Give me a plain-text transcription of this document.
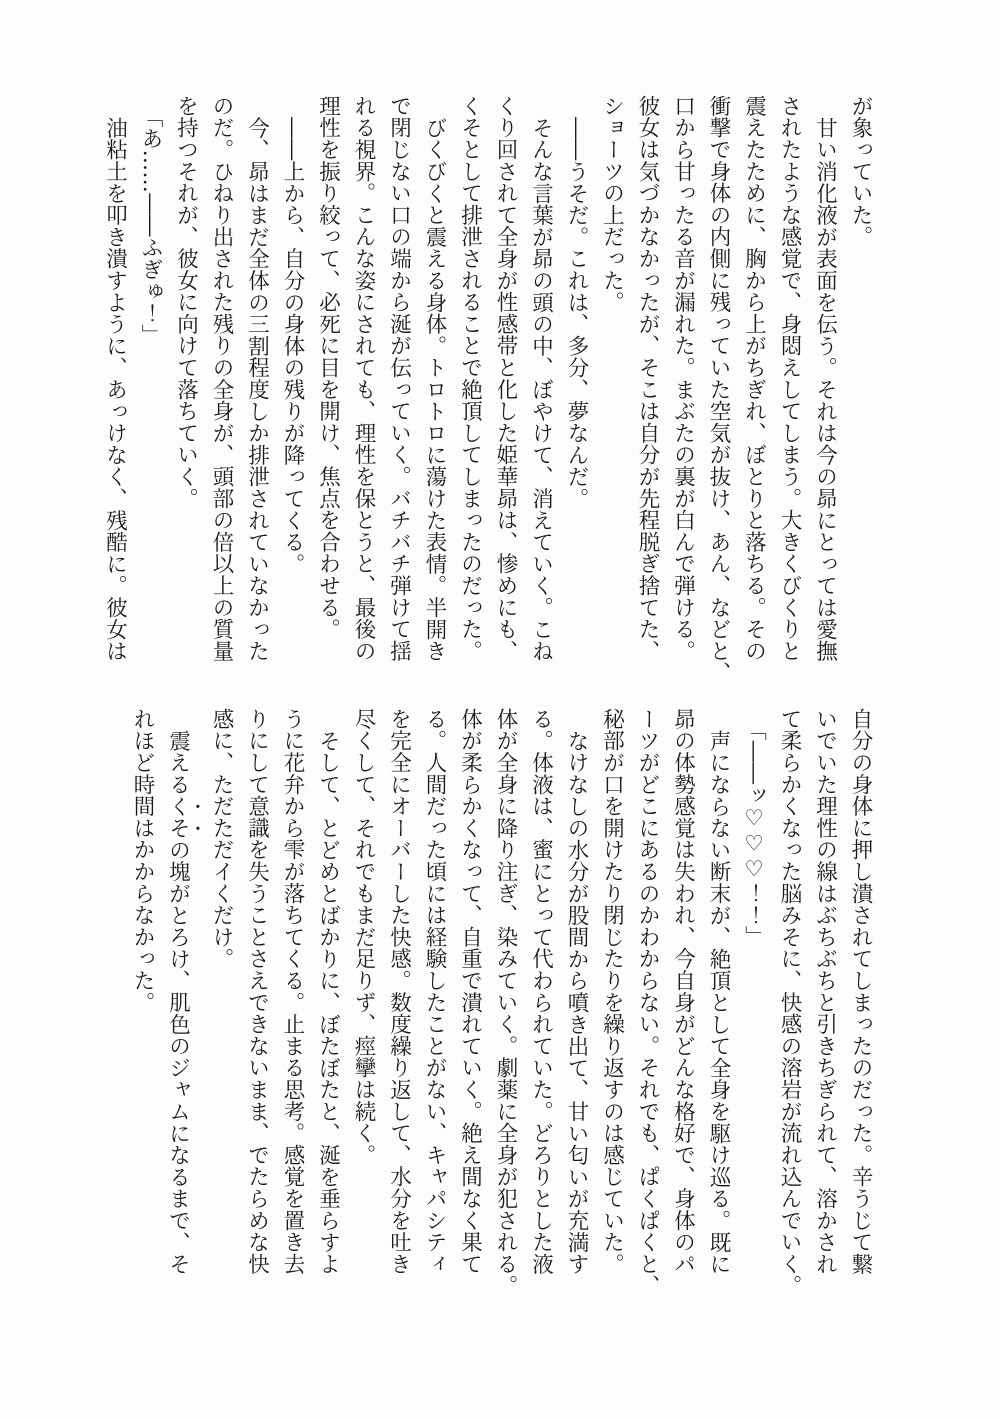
が象っていた。
甘い消化液が表面を伝う。それは今の昴にとっては愛撫
されたような感覚で、身悶えしてしまう。大きくびくりと
震えたために、胸から上がちぎれ、ぼとりと落ちる。その
衝撃で身体の内側に残っていた空気が抜け、あん、などと、
口から甘ったる音が漏れた。まぶたの裏が白んで弾ける。
彼女は気づかなかったが、そこは自分が先程脱ぎ捨てた、
ショーツの上だった。
――うそだ。これは、多分、夢なんだ。
そんな言葉が昴の頭の中、ぼやけて、消えていく。こね
くり回されて全身が性感帯と化した姫華昴は、惨めにも、
くそとして排泄されることで絶頂してしまったのだった。
びくびくと震える身体。トロトロに蕩けた表情。半開き
で閉じない口の端から涎が伝っていく。バチバチ弾けて揺
れる視界。こんな姿にされても、理性を保とうと、最後の
理性を振り絞って、必死に目を開け、焦点を合わせる。
――上から、自分の身体の残りが降ってくる。
今、昴はまだ全体の三割程度しか排泄されていなかった
のだ。ひねり出された残りの全身が、頭部の倍以上の質量
を持つそれが、彼女に向けて落ちていく。
「あ……――ふぎゅ！」
油粘土を叩き潰すように、あっけなく、残酷に。彼女は
自分の身体に押し潰されてしまったのだった。辛うじて繋
いでいた理性の線はぶちぶちと引きちぎられて、溶かされ
て柔らかくなった脳みそに、快感の溶岩が流れ込んでいく。
「――ッ♡♡♡！！」
声にならない断末が、絶頂として全身を駆け巡る。既に
昴の体勢感覚は失われ、今自身がどんな格好で、身体のパ
ーツがどこにあるのかわからない。それでも、ぱくぱくと、
秘部が口を開けたり閉じたりを繰り返すのは感じていた。
なけなしの水分が股間から噴き出て、甘い匂いが充満す
る。体液は、蜜にとって代わられていた。どろりとした液
体が全身に降り注ぎ、染みていく。劇薬に全身が犯される。
体が柔らかくなって、自重で潰れていく。絶え間なく果て
る。人間だった頃には経験したことがない、キャパシティ
を完全にオーバーした快感。数度繰り返して、水分を吐き
尽くして、それでもまだ足りず、痙攣は続く。
そして、とどめとばかりに、ぼたぼたと、涎を垂らすよ
うに花弁から雫が落ちてくる。止まる思考。感覚を置き去
りにして意識を失うことさえできないまま、でたらめな快
感に、ただただイくだけ。
震えるくその塊がとろけ、肌色のジャムになるまで、そ
れほど時間はかからなかった。
